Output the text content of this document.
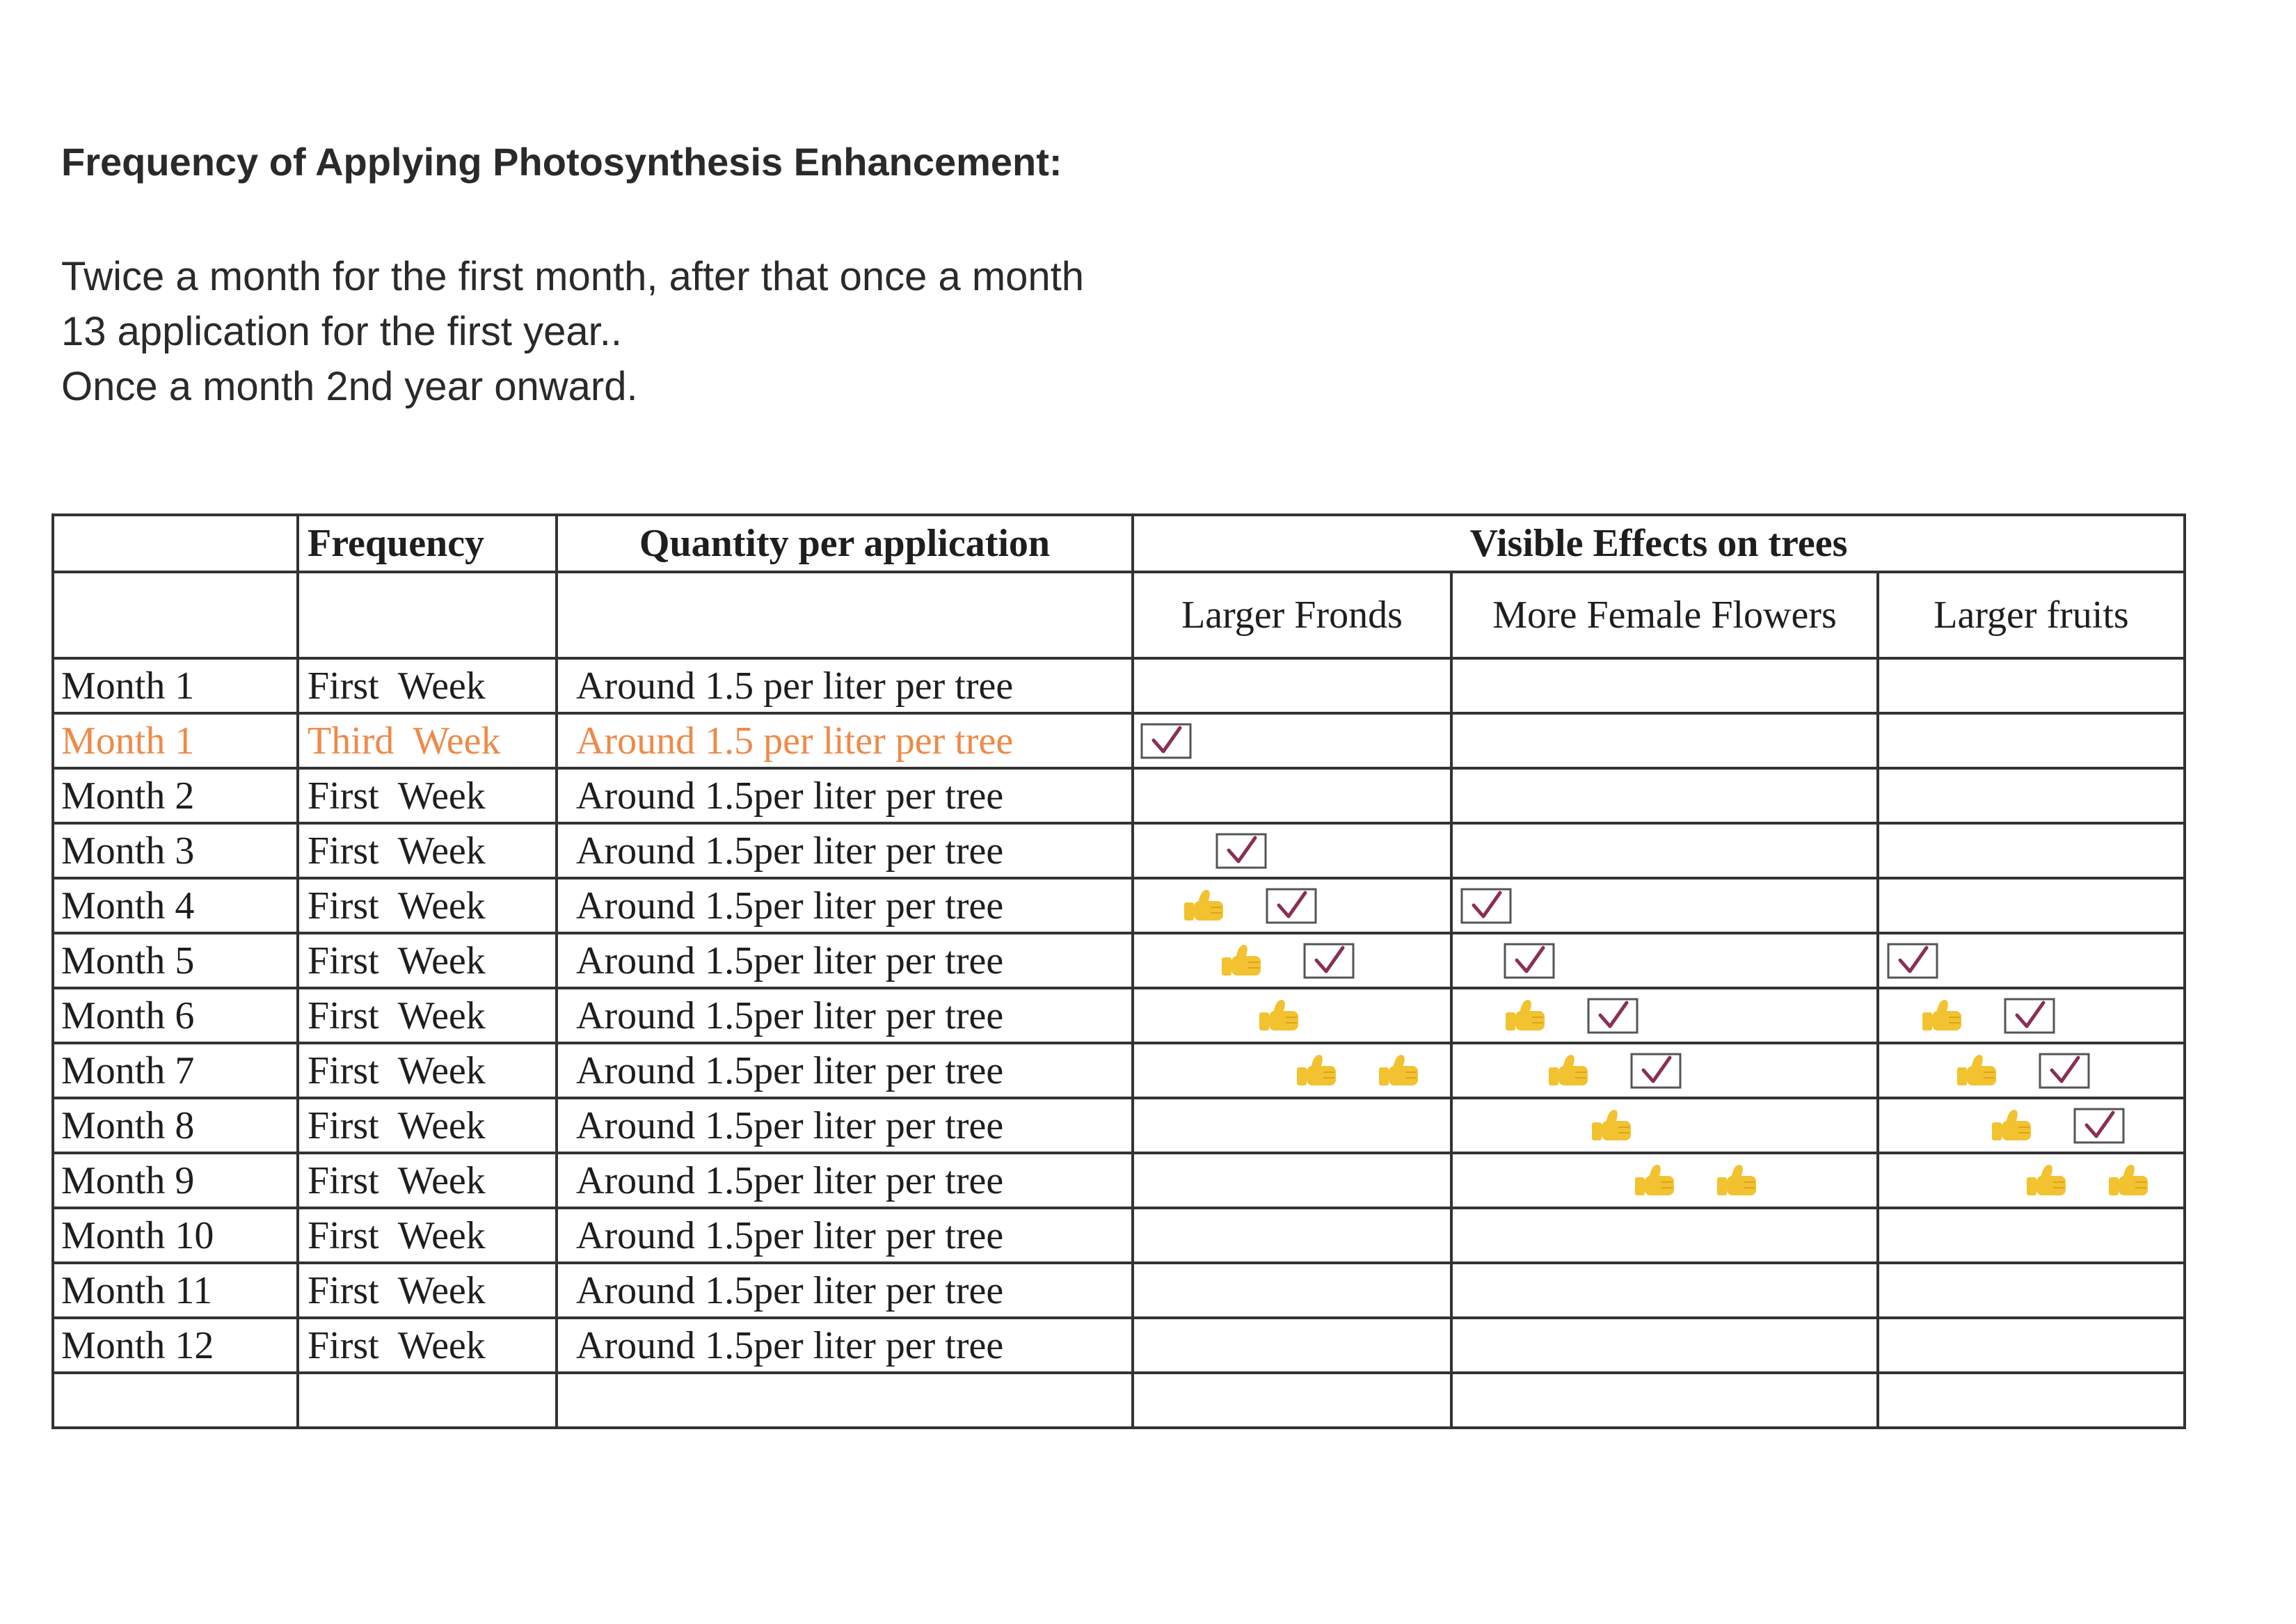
Frequency of Applying Photosynthesis Enhancement:
Twice a month for the first month, after that once a month
13 application for the first year..
Once a month 2nd year onward.
	Frequency	Quantity per application	Visible Effects on trees		
			Larger Fronds	More Female Flowers	Larger fruits
Month 1	First Week	Around 1.5 per liter per tree			
Month 1	Third Week	Around 1.5 per liter per tree	

Month 2	First Week	Around 1.5per liter per tree			
Month 3	First Week	Around 1.5per liter per tree	

Month 4	First Week	Around 1.5per liter per tree	

Month 5	First Week	Around 1.5per liter per tree	

Month 6	First Week	Around 1.5per liter per tree	

Month 7	First Week	Around 1.5per liter per tree	

Month 8	First Week	Around 1.5per liter per tree		

Month 9	First Week	Around 1.5per liter per tree		

Month 10	First Week	Around 1.5per liter per tree			
Month 11	First Week	Around 1.5per liter per tree			
Month 12	First Week	Around 1.5per liter per tree			
